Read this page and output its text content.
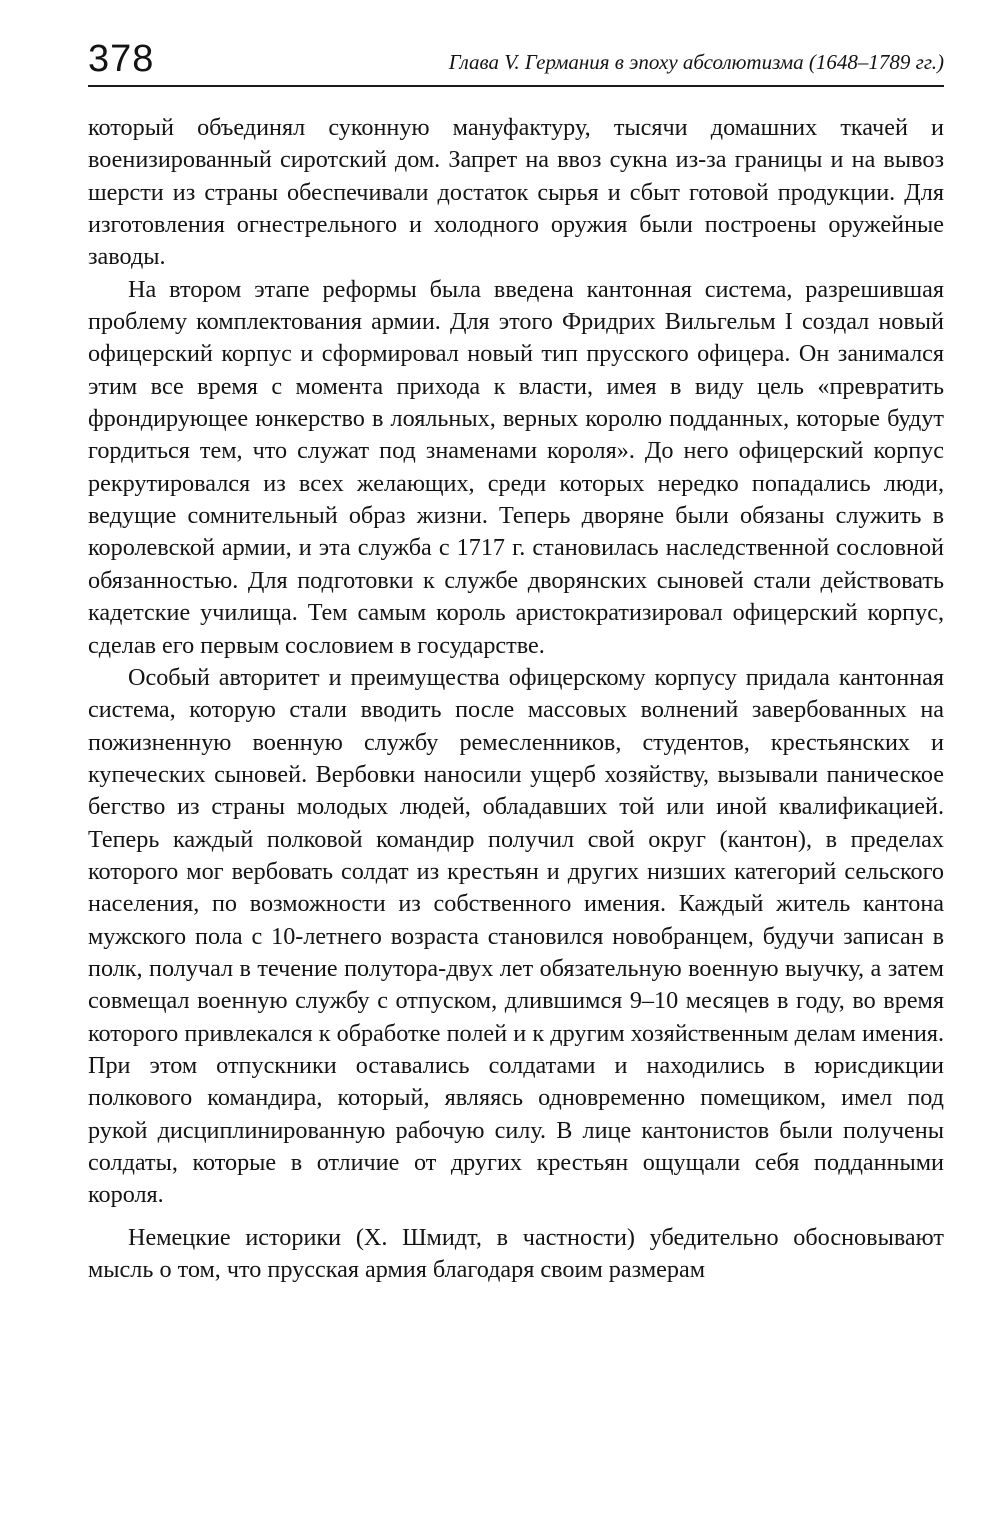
378	Глава V. Германия в эпоху абсолютизма (1648–1789 гг.)

который объединял суконную мануфактуру, тысячи домашних ткачей и военизированный сиротский дом. Запрет на ввоз сукна из-за границы и на вывоз шерсти из страны обеспечивали достаток сырья и сбыт готовой продукции. Для изготовления огнестрельного и холодного оружия были построены оружейные заводы.

На втором этапе реформы была введена кантонная система, разрешившая проблему комплектования армии. Для этого Фридрих Вильгельм I создал новый офицерский корпус и сформировал новый тип прусского офицера. Он занимался этим все время с момента прихода к власти, имея в виду цель «превратить фрондирующее юнкерство в лояльных, верных королю подданных, которые будут гордиться тем, что служат под знаменами короля». До него офицерский корпус рекрутировался из всех желающих, среди которых нередко попадались люди, ведущие сомнительный образ жизни. Теперь дворяне были обязаны служить в королевской армии, и эта служба с 1717 г. становилась наследственной сословной обязанностью. Для подготовки к службе дворянских сыновей стали действовать кадетские училища. Тем самым король аристократизировал офицерский корпус, сделав его первым сословием в государстве.

Особый авторитет и преимущества офицерскому корпусу придала кантонная система, которую стали вводить после массовых волнений завербованных на пожизненную военную службу ремесленников, студентов, крестьянских и купеческих сыновей. Вербовки наносили ущерб хозяйству, вызывали паническое бегство из страны молодых людей, обладавших той или иной квалификацией. Теперь каждый полковой командир получил свой округ (кантон), в пределах которого мог вербовать солдат из крестьян и других низших категорий сельского населения, по возможности из собственного имения. Каждый житель кантона мужского пола с 10-летнего возраста становился новобранцем, будучи записан в полк, получал в течение полутора-двух лет обязательную военную выучку, а затем совмещал военную службу с отпуском, длившимся 9–10 месяцев в году, во время которого привлекался к обработке полей и к другим хозяйственным делам имения. При этом отпускники оставались солдатами и находились в юрисдикции полкового командира, который, являясь одновременно помещиком, имел под рукой дисциплинированную рабочую силу. В лице кантонистов были получены солдаты, которые в отличие от других крестьян ощущали себя подданными короля.

Немецкие историки (Х. Шмидт, в частности) убедительно обосновывают мысль о том, что прусская армия благодаря своим размерам
